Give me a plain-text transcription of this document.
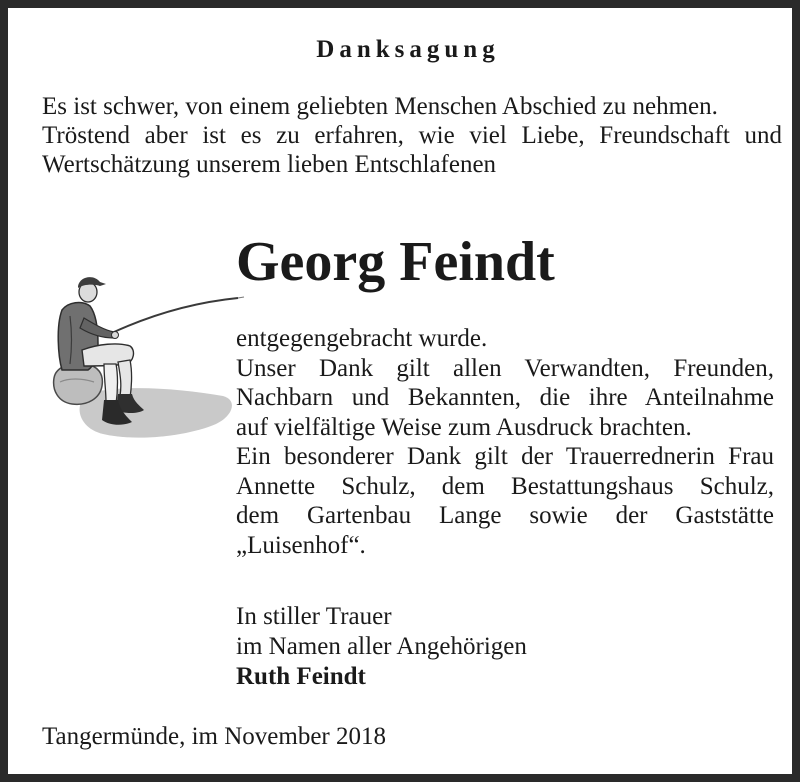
Danksagung
Es ist schwer, von einem geliebten Menschen Abschied zu nehmen.
Tröstend aber ist es zu erfahren, wie viel Liebe, Freundschaft und
Wertschätzung unserem lieben Entschlafenen
Georg Feindt
entgegengebracht wurde.
Unser Dank gilt allen Verwandten, Freunden,
Nachbarn und Bekannten, die ihre Anteilnahme
auf vielfältige Weise zum Ausdruck brachten.
Ein besonderer Dank gilt der Trauerrednerin Frau
Annette Schulz, dem Bestattungshaus Schulz,
dem Gartenbau Lange sowie der Gaststätte
„Luisenhof“.
In stiller Trauer
im Namen aller Angehörigen
Ruth Feindt
Tangermünde, im November 2018
